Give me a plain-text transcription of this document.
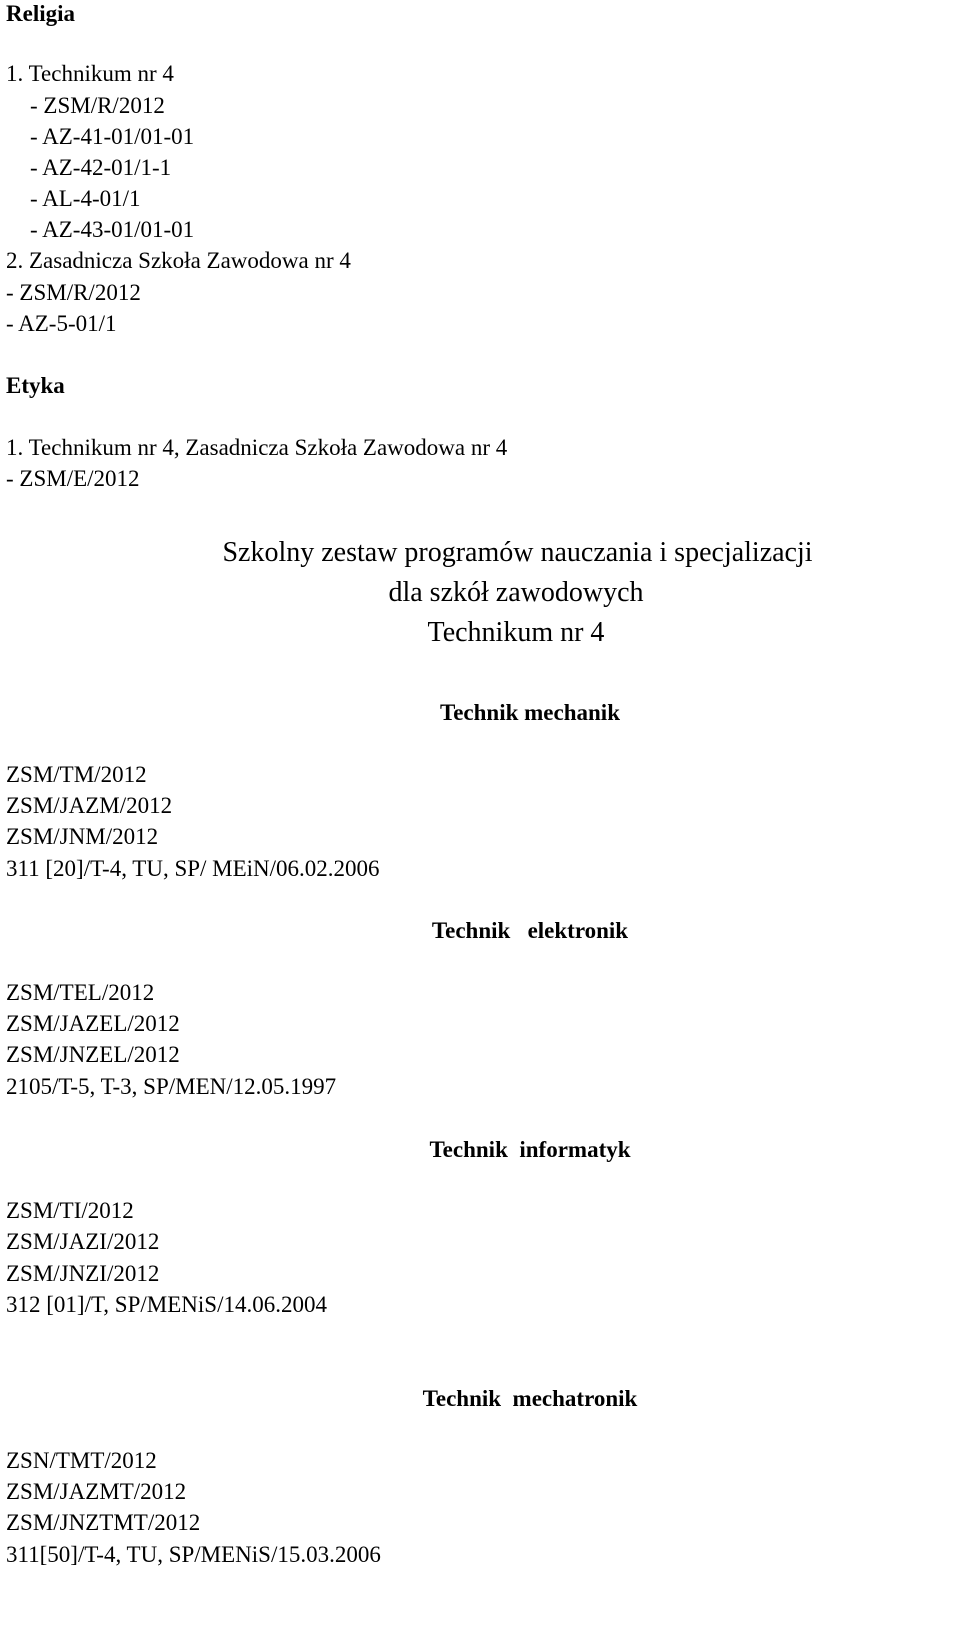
Religia
1. Technikum nr 4
- ZSM/R/2012
- AZ-41-01/01-01
- AZ-42-01/1-1
- AL-4-01/1
- AZ-43-01/01-01
2. Zasadnicza Szkoła Zawodowa nr 4
- ZSM/R/2012
- AZ-5-01/1
Etyka
1. Technikum nr 4, Zasadnicza Szkoła Zawodowa nr 4
- ZSM/E/2012
Szkolny zestaw programów nauczania i specjalizacji
dla szkół zawodowych
Technikum nr 4
Technik mechanik
ZSM/TM/2012
ZSM/JAZM/2012
ZSM/JNM/2012
311 [20]/T-4, TU, SP/ MEiN/06.02.2006
Technik   elektronik
ZSM/TEL/2012
ZSM/JAZEL/2012
ZSM/JNZEL/2012
2105/T-5, T-3, SP/MEN/12.05.1997
Technik  informatyk
ZSM/TI/2012
ZSM/JAZI/2012
ZSM/JNZI/2012
312 [01]/T, SP/MENiS/14.06.2004
Technik  mechatronik
ZSN/TMT/2012
ZSM/JAZMT/2012
ZSM/JNZTMT/2012
311[50]/T-4, TU, SP/MENiS/15.03.2006
